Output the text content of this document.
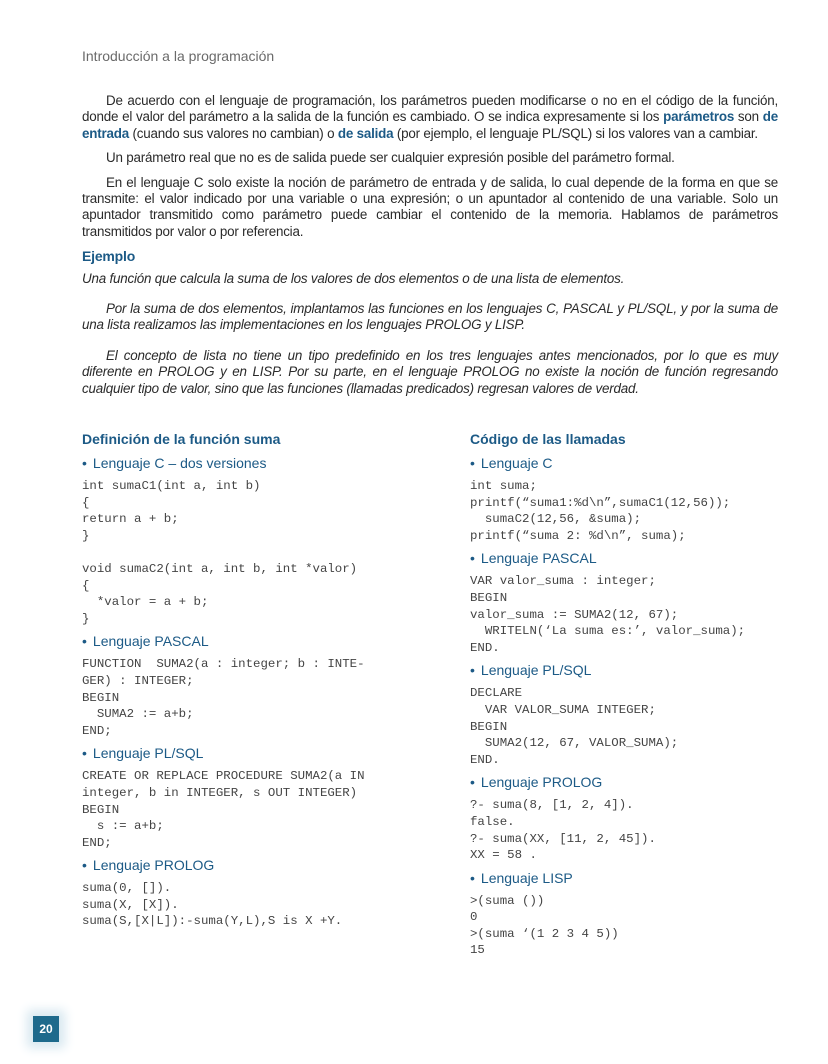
Introducción a la programación

De acuerdo con el lenguaje de programación, los parámetros pueden modificarse o no en el código de la función, donde el valor del parámetro a la salida de la función es cambiado. O se indica expresamente si los parámetros son de entrada (cuando sus valores no cambian) o de salida (por ejemplo, el lenguaje PL/SQL) si los valores van a cambiar.

Un parámetro real que no es de salida puede ser cualquier expresión posible del parámetro formal.

En el lenguaje C solo existe la noción de parámetro de entrada y de salida, lo cual depende de la forma en que se transmite: el valor indicado por una variable o una expresión; o un apuntador al contenido de una variable. Solo un apuntador transmitido como parámetro puede cambiar el contenido de la memoria. Hablamos de parámetros transmitidos por valor o por referencia.

Ejemplo

Una función que calcula la suma de los valores de dos elementos o de una lista de elementos.

Por la suma de dos elementos, implantamos las funciones en los lenguajes C, PASCAL y PL/SQL, y por la suma de una lista realizamos las implementaciones en los lenguajes PROLOG y LISP.

El concepto de lista no tiene un tipo predefinido en los tres lenguajes antes mencionados, por lo que es muy diferente en PROLOG y en LISP. Por su parte, en el lenguaje PROLOG no existe la noción de función regresando cualquier tipo de valor, sino que las funciones (llamadas predicados) regresan valores de verdad.

Definición de la función suma
• Lenguaje C – dos versiones
int sumaC1(int a, int b)
{
return a + b;
}
void sumaC2(int a, int b, int *valor)
{
*valor = a + b;
}
• Lenguaje PASCAL
FUNCTION  SUMA2(a : integer; b : INTE-
GER) : INTEGER;
BEGIN
SUMA2 := a+b;
END;
• Lenguaje PL/SQL
CREATE OR REPLACE PROCEDURE SUMA2(a IN
integer, b in INTEGER, s OUT INTEGER)
BEGIN
s := a+b;
END;
• Lenguaje PROLOG
suma(0, []).
suma(X, [X]).
suma(S,[X|L]):-suma(Y,L),S is X +Y.
Código de las llamadas
• Lenguaje C
int suma;
printf(“suma1:%d\n”,sumaC1(12,56));
sumaC2(12,56, &suma);
printf(“suma 2: %d\n”, suma);
• Lenguaje PASCAL
VAR valor_suma : integer;
BEGIN
valor_suma := SUMA2(12, 67);
WRITELN(‘La suma es:’, valor_suma);
END.
• Lenguaje PL/SQL
DECLARE
VAR VALOR_SUMA INTEGER;
BEGIN
SUMA2(12, 67, VALOR_SUMA);
END.
• Lenguaje PROLOG
?- suma(8, [1, 2, 4]).
false.
?- suma(XX, [11, 2, 45]).
XX = 58 .
• Lenguaje LISP
>(suma ())
0
>(suma ‘(1 2 3 4 5))
15
20
